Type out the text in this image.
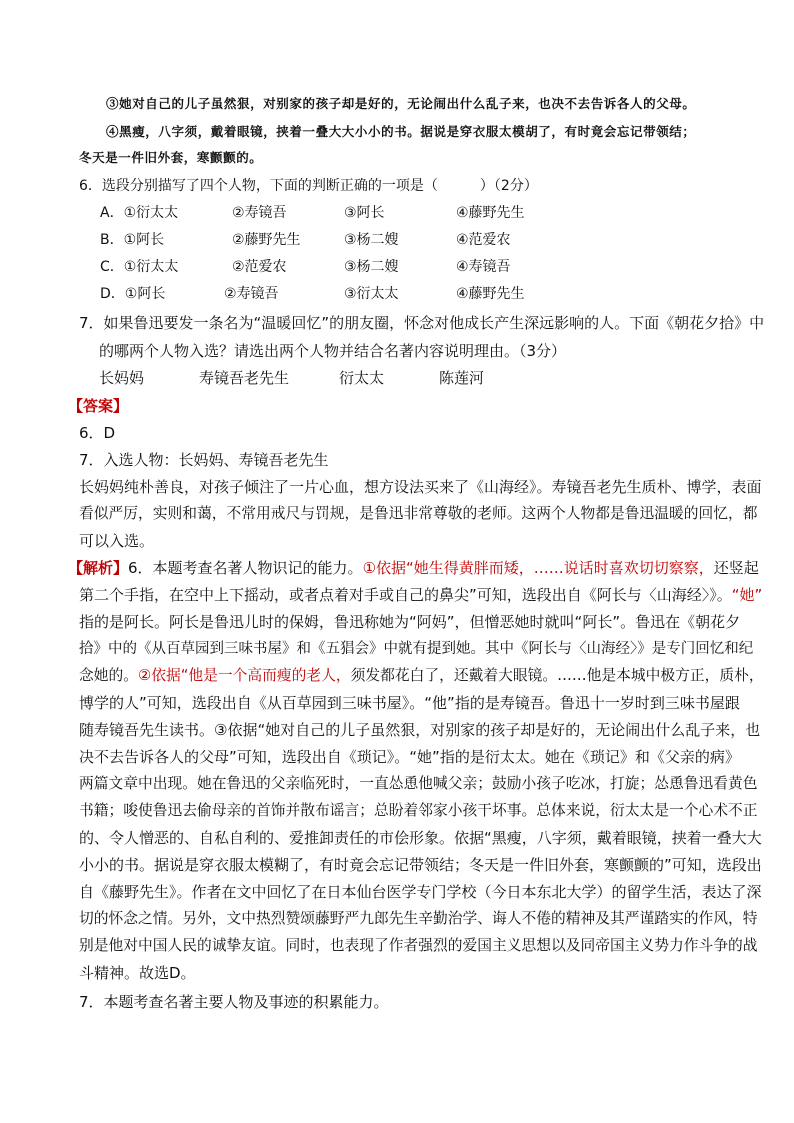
③她对自己的儿子虽然狠，对别家的孩子却是好的，无论闹出什么乱子来，也决不去告诉各人的父母。
④黑瘦，八字须，戴着眼镜，挟着一叠大大小小的书。据说是穿衣服太模胡了，有时竟会忘记带领结；
冬天是一件旧外套，寒颤颤的。
6．选段分别描写了四个人物，下面的判断正确的一项是（　　　）（2分）
A．①衍太太	②寿镜吾	③阿长	④藤野先生
B．①阿长	②藤野先生	③杨二嫂	④范爱农
C．①衍太太	②范爱农	③杨二嫂	④寿镜吾
D．①阿长	②寿镜吾	③衍太太	④藤野先生
7．如果鲁迅要发一条名为“温暖回忆”的朋友圈，怀念对他成长产生深远影响的人。下面《朝花夕拾》中
的哪两个人物入选？请选出两个人物并结合名著内容说明理由。（3分）
长妈妈	寿镜吾老先生	衍太太	陈莲河
【答案】
6．D
7．入选人物：长妈妈、寿镜吾老先生
长妈妈纯朴善良，对孩子倾注了一片心血，想方设法买来了《山海经》。寿镜吾老先生质朴、博学，表面
看似严厉，实则和蔼，不常用戒尺与罚规，是鲁迅非常尊敬的老师。这两个人物都是鲁迅温暖的回忆，都
可以入选。
【解析】6．本题考查名著人物识记的能力。①依据“她生得黄胖而矮，……说话时喜欢切切察察，还竖起
第二个手指，在空中上下摇动，或者点着对手或自己的鼻尖”可知，选段出自《阿长与〈山海经〉》。“她”
指的是阿长。阿长是鲁迅儿时的保姆，鲁迅称她为“阿妈”，但憎恶她时就叫“阿长”。鲁迅在《朝花夕
拾》中的《从百草园到三味书屋》和《五猖会》中就有提到她。其中《阿长与〈山海经〉》是专门回忆和纪
念她的。②依据“他是一个高而瘦的老人，须发都花白了，还戴着大眼镜。……他是本城中极方正，质朴，
博学的人”可知，选段出自《从百草园到三味书屋》。“他”指的是寿镜吾。鲁迅十一岁时到三味书屋跟
随寿镜吾先生读书。③依据“她对自己的儿子虽然狠，对别家的孩子却是好的，无论闹出什么乱子来，也
决不去告诉各人的父母”可知，选段出自《琐记》。“她”指的是衍太太。她在《琐记》和《父亲的病》
两篇文章中出现。她在鲁迅的父亲临死时，一直怂恿他喊父亲；鼓励小孩子吃冰，打旋；怂恿鲁迅看黄色
书籍；唆使鲁迅去偷母亲的首饰并散布谣言；总盼着邻家小孩干坏事。总体来说，衍太太是一个心术不正
的、令人憎恶的、自私自利的、爱推卸责任的市侩形象。依据“黑瘦，八字须，戴着眼镜，挟着一叠大大
小小的书。据说是穿衣服太模糊了，有时竟会忘记带领结；冬天是一件旧外套，寒颤颤的”可知，选段出
自《藤野先生》。作者在文中回忆了在日本仙台医学专门学校（今日本东北大学）的留学生活，表达了深
切的怀念之情。另外，文中热烈赞颂藤野严九郎先生辛勤治学、诲人不倦的精神及其严谨踏实的作风，特
别是他对中国人民的诚挚友谊。同时，也表现了作者强烈的爱国主义思想以及同帝国主义势力作斗争的战
斗精神。故选D。
7．本题考查名著主要人物及事迹的积累能力。
